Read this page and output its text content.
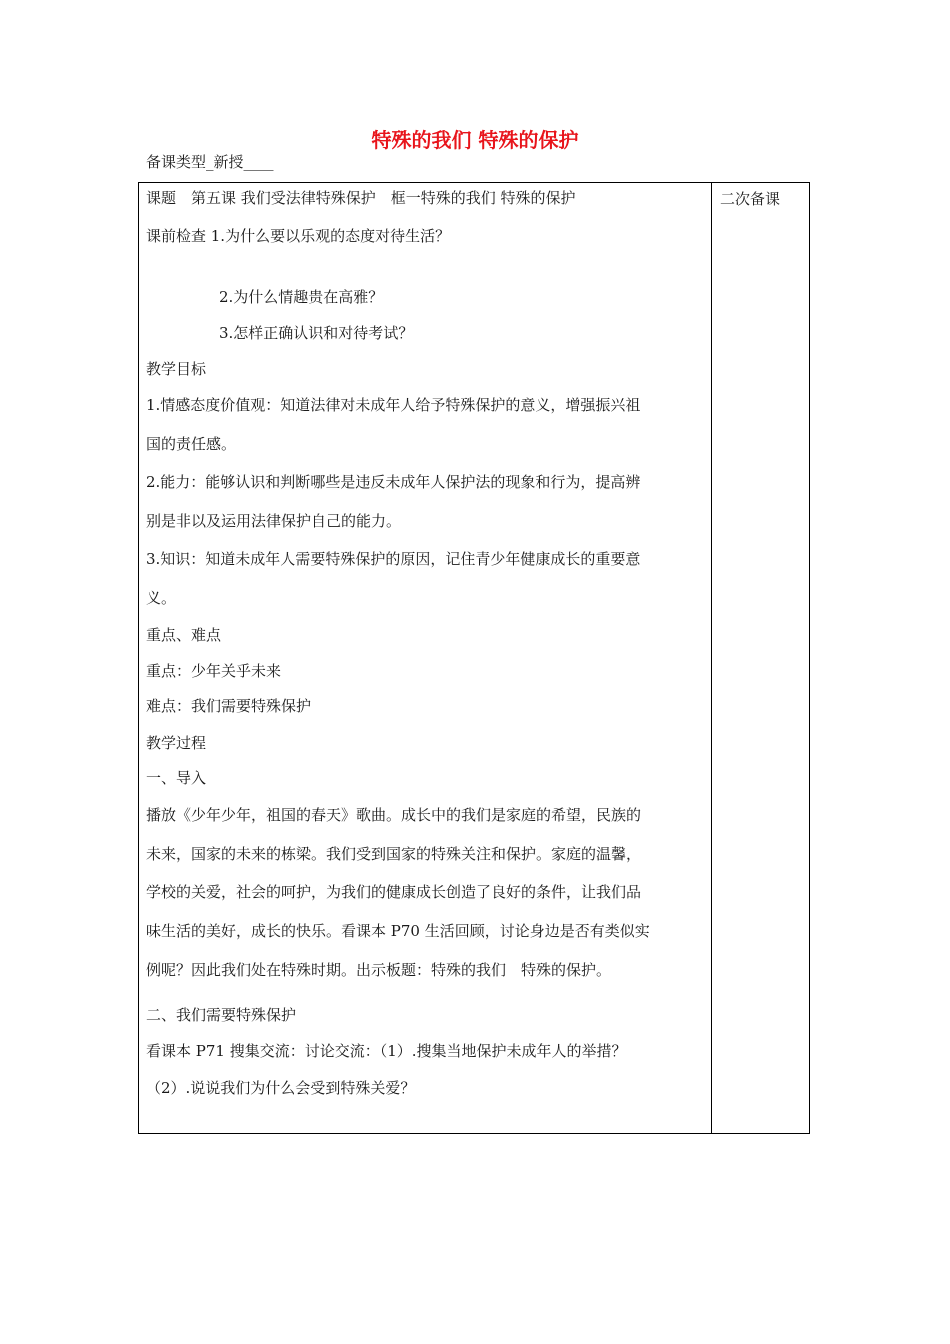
特殊的我们 特殊的保护
备课类型_新授____
二次备课
课题　第五课 我们受法律特殊保护　框一特殊的我们 特殊的保护
课前检查 1.为什么要以乐观的态度对待生活？
2.为什么情趣贵在高雅？
3.怎样正确认识和对待考试？
教学目标
1.情感态度价值观：知道法律对未成年人给予特殊保护的意义，增强振兴祖
国的责任感。
2.能力：能够认识和判断哪些是违反未成年人保护法的现象和行为，提高辨
别是非以及运用法律保护自己的能力。
3.知识：知道未成年人需要特殊保护的原因，记住青少年健康成长的重要意
义。
重点、难点
重点：少年关乎未来
难点：我们需要特殊保护
教学过程
一、导入
播放《少年少年，祖国的春天》歌曲。成长中的我们是家庭的希望，民族的
未来，国家的未来的栋梁。我们受到国家的特殊关注和保护。家庭的温馨，
学校的关爱，社会的呵护，为我们的健康成长创造了良好的条件，让我们品
味生活的美好，成长的快乐。看课本 P70 生活回顾，讨论身边是否有类似实
例呢？因此我们处在特殊时期。出示板题：特殊的我们　特殊的保护。
二、我们需要特殊保护
看课本 P71 搜集交流：讨论交流：（1）.搜集当地保护未成年人的举措？
（2）.说说我们为什么会受到特殊关爱？
